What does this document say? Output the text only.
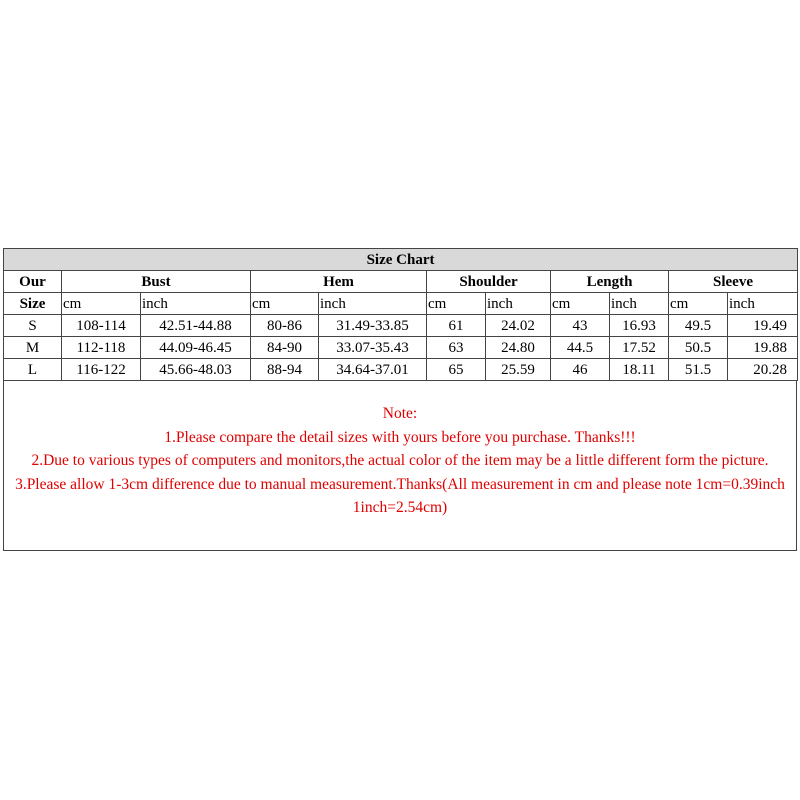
Size Chart										
Our	Bust		Hem		Shoulder		Length		Sleeve	
Size	cm	inch	cm	inch	cm	inch	cm	inch	cm	inch
S	108-114	42.51-44.88	80-86	31.49-33.85	61	24.02	43	16.93	49.5	19.49
M	112-118	44.09-46.45	84-90	33.07-35.43	63	24.80	44.5	17.52	50.5	19.88
L	116-122	45.66-48.03	88-94	34.64-37.01	65	25.59	46	18.11	51.5	20.28
Note:
1.Please compare the detail sizes with yours before you purchase. Thanks!!!
2.Due to various types of computers and monitors,the actual color of the item may be a little different form the picture.
3.Please allow 1-3cm difference due to manual measurement.Thanks(All measurement in cm and please note 1cm=0.39inch 1inch=2.54cm)
